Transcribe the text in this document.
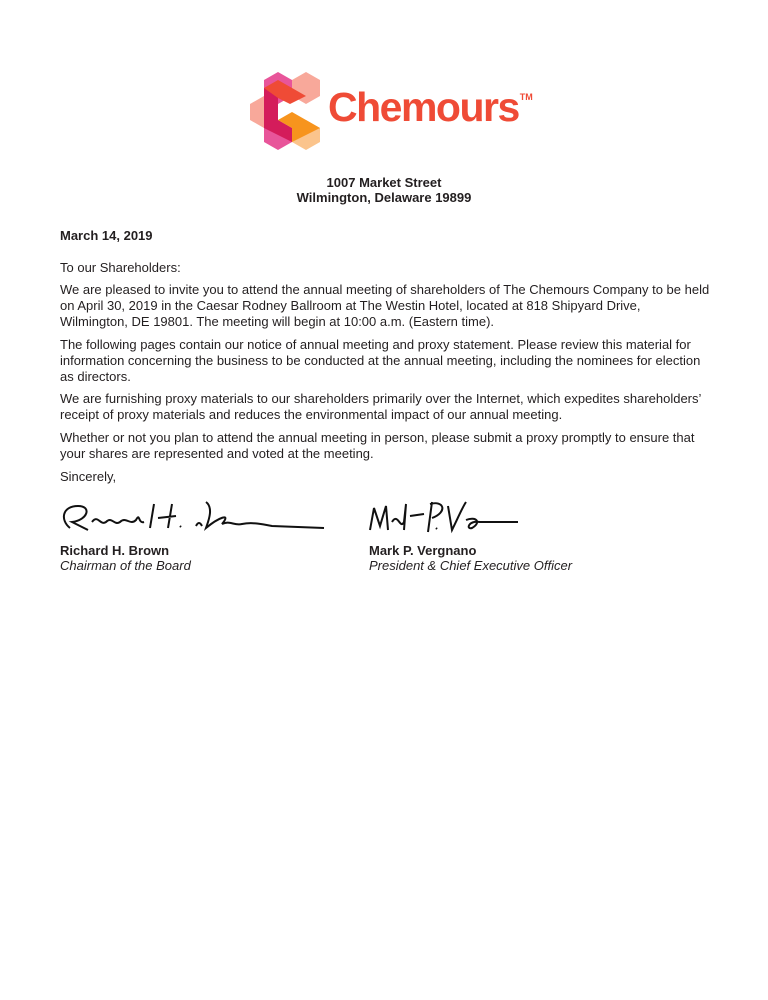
Chemours™
1007 Market Street
Wilmington, Delaware 19899
March 14, 2019

To our Shareholders:

We are pleased to invite you to attend the annual meeting of shareholders of The Chemours Company to be held on April 30, 2019 in the Caesar Rodney Ballroom at The Westin Hotel, located at 818 Shipyard Drive, Wilmington, DE 19801. The meeting will begin at 10:00 a.m. (Eastern time).

The following pages contain our notice of annual meeting and proxy statement. Please review this material for information concerning the business to be conducted at the annual meeting, including the nominees for election as directors.

We are furnishing proxy materials to our shareholders primarily over the Internet, which expedites shareholders’ receipt of proxy materials and reduces the environmental impact of our annual meeting.

Whether or not you plan to attend the annual meeting in person, please submit a proxy promptly to ensure that your shares are represented and voted at the meeting.

Sincerely,

Richard H. Brown
Chairman of the Board
Mark P. Vergnano
President & Chief Executive Officer
